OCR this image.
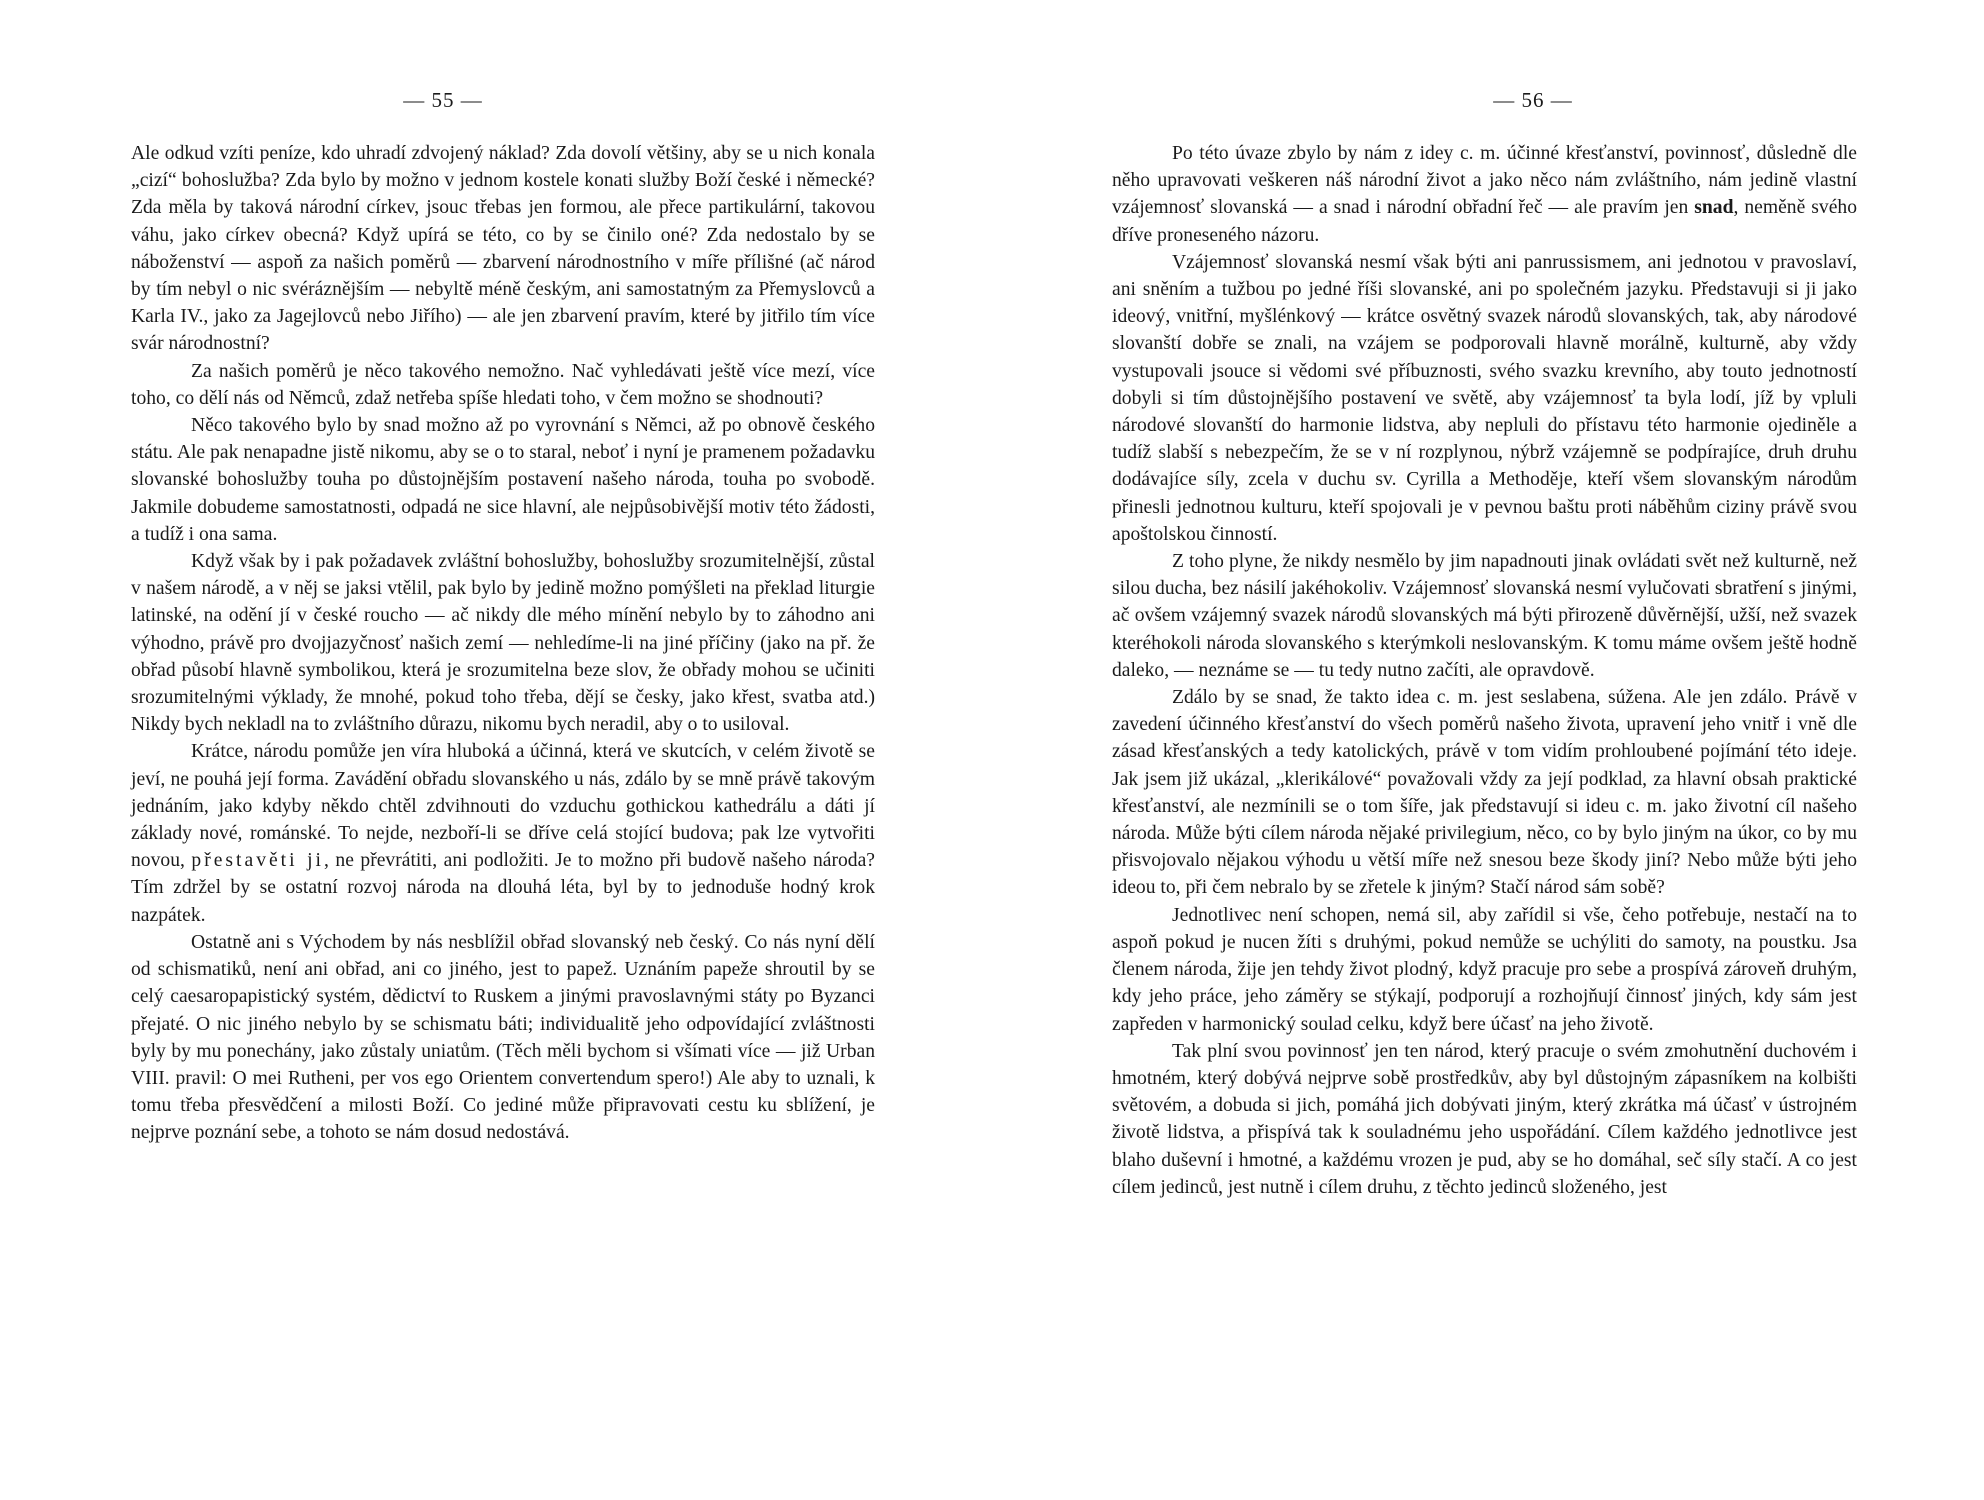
— 55 —

Ale odkud vzíti peníze, kdo uhradí zdvojený náklad? Zda dovolí většiny, aby se u nich konala „cizí“ bohoslužba? Zda bylo by možno v jednom kostele konati služby Boží české i německé? Zda měla by taková národní církev, jsouc třebas jen formou, ale přece partikulární, takovou váhu, jako církev obecná? Když upírá se této, co by se činilo oné? Zda nedostalo by se náboženství — aspoň za našich poměrů — zbarvení národnostního v míře přílišné (ač národ by tím nebyl o nic svéráznějším — nebyltě méně českým, ani samostatným za Přemyslovců a Karla IV., jako za Jagejlovců nebo Jiřího) — ale jen zbarvení pravím, které by jitřilo tím více svár národnostní?

Za našich poměrů je něco takového nemožno. Nač vyhledávati ještě více mezí, více toho, co dělí nás od Němců, zdaž netřeba spíše hledati toho, v čem možno se shodnouti?

Něco takového bylo by snad možno až po vyrovnání s Němci, až po obnově českého státu. Ale pak nenapadne jistě nikomu, aby se o to staral, neboť i nyní je pramenem požadavku slovanské bohoslužby touha po důstojnějším postavení našeho národa, touha po svobodě. Jakmile dobudeme samostatnosti, odpadá ne sice hlavní, ale nejpůsobivější motiv této žádosti, a tudíž i ona sama.

Když však by i pak požadavek zvláštní bohoslužby, bohoslužby srozumitelnější, zůstal v našem národě, a v něj se jaksi vtělil, pak bylo by jedině možno pomýšleti na překlad liturgie latinské, na odění jí v české roucho — ač nikdy dle mého mínění nebylo by to záhodno ani výhodno, právě pro dvojjazyčnosť našich zemí — nehledíme-li na jiné příčiny (jako na př. že obřad působí hlavně symbolikou, která je srozumitelna beze slov, že obřady mohou se učiniti srozumitelnými výklady, že mnohé, pokud toho třeba, dějí se česky, jako křest, svatba atd.) Nikdy bych nekladl na to zvláštního důrazu, nikomu bych neradil, aby o to usiloval.

Krátce, národu pomůže jen víra hluboká a účinná, která ve skutcích, v celém životě se jeví, ne pouhá její forma. Zavádění obřadu slovanského u nás, zdálo by se mně právě takovým jednáním, jako kdyby někdo chtěl zdvihnouti do vzduchu gothickou kathedrálu a dáti jí základy nové, románské. To nejde, nezboří-li se dříve celá stojící budova; pak lze vytvořiti novou, přestavěti ji, ne převrátiti, ani podložiti. Je to možno při budově našeho národa? Tím zdržel by se ostatní rozvoj národa na dlouhá léta, byl by to jednoduše hodný krok nazpátek.

Ostatně ani s Východem by nás nesblížil obřad slovanský neb český. Co nás nyní dělí od schismatiků, není ani obřad, ani co jiného, jest to papež. Uznáním papeže shroutil by se celý caesaropapistický systém, dědictví to Ruskem a jinými pravoslavnými státy po Byzanci přejaté. O nic jiného nebylo by se schismatu báti; individualitě jeho odpovídající zvláštnosti byly by mu ponechány, jako zůstaly uniatům. (Těch měli bychom si všímati více — již Urban VIII. pravil: O mei Rutheni, per vos ego Orientem convertendum spero!) Ale aby to uznali, k tomu třeba přesvědčení a milosti Boží. Co jediné může připravovati cestu ku sblížení, je nejprve poznání sebe, a tohoto se nám dosud nedostává.

— 56 —

Po této úvaze zbylo by nám z idey c. m. účinné křesťanství, povinnosť, důsledně dle něho upravovati veškeren náš národní život a jako něco nám zvláštního, nám jedině vlastní vzájemnosť slovanská — a snad i národní obřadní řeč — ale pravím jen snad, neměně svého dříve proneseného názoru.

Vzájemnosť slovanská nesmí však býti ani panrussismem, ani jednotou v pravoslaví, ani sněním a tužbou po jedné říši slovanské, ani po společném jazyku. Představuji si ji jako ideový, vnitřní, myšlénkový — krátce osvětný svazek národů slovanských, tak, aby národové slovanští dobře se znali, na vzájem se podporovali hlavně morálně, kulturně, aby vždy vystupovali jsouce si vědomi své příbuznosti, svého svazku krevního, aby touto jednotností dobyli si tím důstojnějšího postavení ve světě, aby vzájemnosť ta byla lodí, jíž by vpluli národové slovanští do harmonie lidstva, aby nepluli do přístavu této harmonie ojediněle a tudíž slabší s nebezpečím, že se v ní rozplynou, nýbrž vzájemně se podpírajíce, druh druhu dodávajíce síly, zcela v duchu sv. Cyrilla a Methoděje, kteří všem slovanským národům přinesli jednotnou kulturu, kteří spojovali je v pevnou baštu proti náběhům ciziny právě svou apoštolskou činností.

Z toho plyne, že nikdy nesmělo by jim napadnouti jinak ovládati svět než kulturně, než silou ducha, bez násilí jakéhokoliv. Vzájemnosť slovanská nesmí vylučovati sbratření s jinými, ač ovšem vzájemný svazek národů slovanských má býti přirozeně důvěrnější, užší, než svazek kteréhokoli národa slovanského s kterýmkoli neslovanským. K tomu máme ovšem ještě hodně daleko, — neznáme se — tu tedy nutno začíti, ale opravdově.

Zdálo by se snad, že takto idea c. m. jest seslabena, súžena. Ale jen zdálo. Právě v zavedení účinného křesťanství do všech poměrů našeho života, upravení jeho vnitř i vně dle zásad křesťanských a tedy katolických, právě v tom vidím prohloubené pojímání této ideje. Jak jsem již ukázal, „klerikálové“ považovali vždy za její podklad, za hlavní obsah praktické křesťanství, ale nezmínili se o tom šíře, jak představují si ideu c. m. jako životní cíl našeho národa. Může býti cílem národa nějaké privilegium, něco, co by bylo jiným na úkor, co by mu přisvojovalo nějakou výhodu u větší míře než snesou beze škody jiní? Nebo může býti jeho ideou to, při čem nebralo by se zřetele k jiným? Stačí národ sám sobě?

Jednotlivec není schopen, nemá sil, aby zařídil si vše, čeho potřebuje, nestačí na to aspoň pokud je nucen žíti s druhými, pokud nemůže se uchýliti do samoty, na poustku. Jsa členem národa, žije jen tehdy život plodný, když pracuje pro sebe a prospívá zároveň druhým, kdy jeho práce, jeho záměry se stýkají, podporují a rozhojňují činnosť jiných, kdy sám jest zapředen v harmonický soulad celku, když bere účasť na jeho životě.

Tak plní svou povinnosť jen ten národ, který pracuje o svém zmohutnění duchovém i hmotném, který dobývá nejprve sobě prostředkův, aby byl důstojným zápasníkem na kolbišti světovém, a dobuda si jich, pomáhá jich dobývati jiným, který zkrátka má účasť v ústrojném životě lidstva, a přispívá tak k souladnému jeho uspořádání. Cílem každého jednotlivce jest blaho duševní i hmotné, a každému vrozen je pud, aby se ho domáhal, seč síly stačí. A co jest cílem jedinců, jest nutně i cílem druhu, z těchto jedinců složeného, jest
